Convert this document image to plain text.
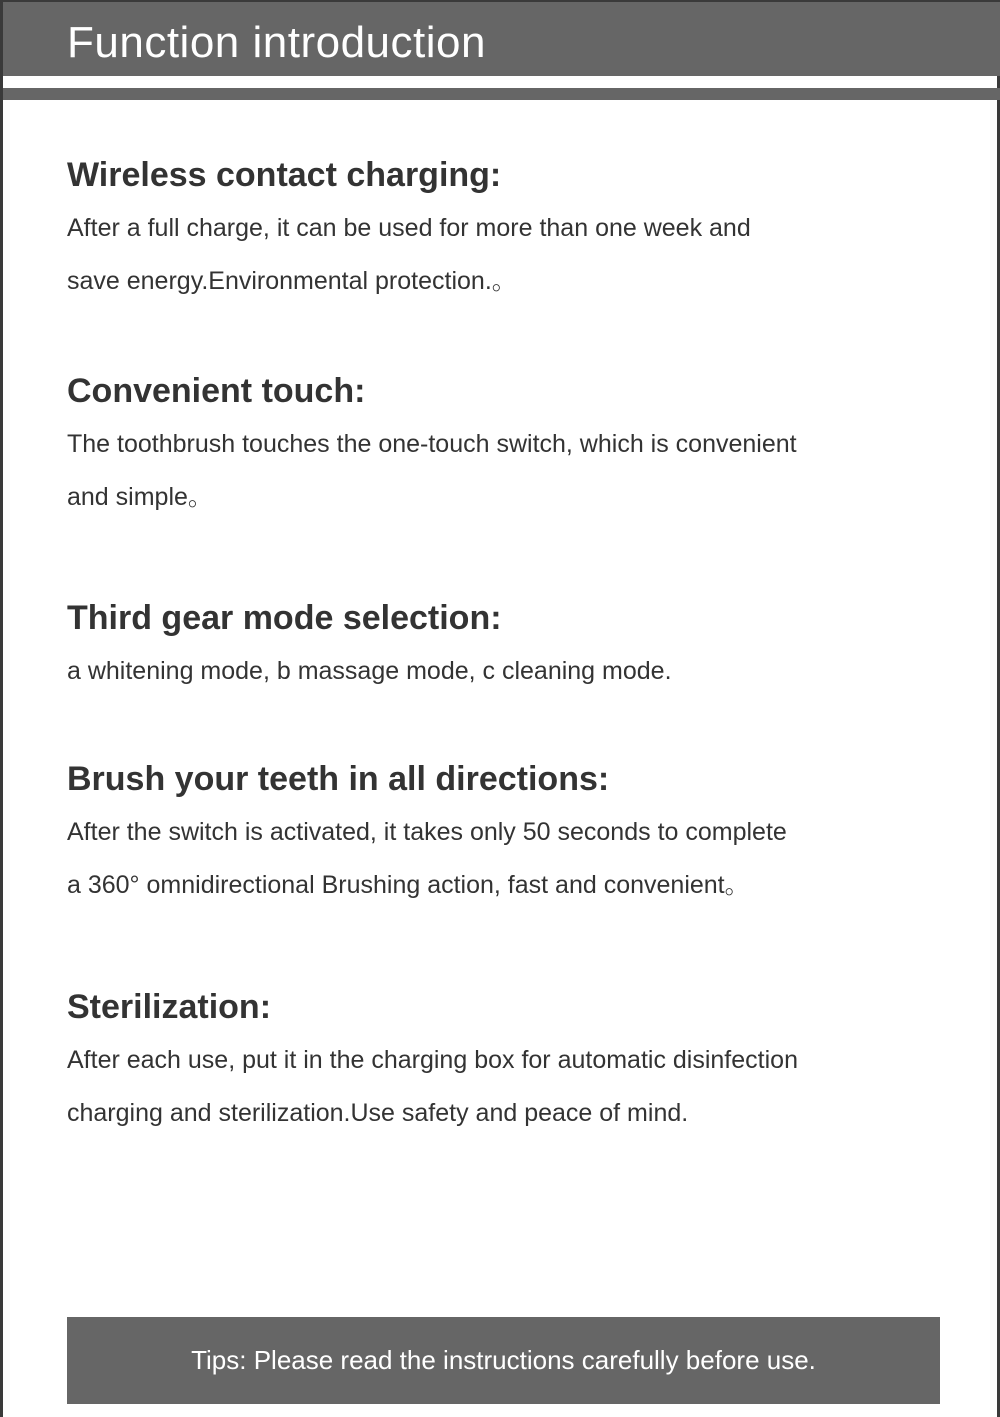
Function introduction
Wireless contact charging:

After a full charge, it can be used for more than one week and
save energy.Environmental protection.。

Convenient touch:

The toothbrush touches the one-touch switch, which is convenient
and simple。

Third gear mode selection:

a whitening mode, b massage mode, c cleaning mode.

Brush your teeth in all directions:

After the switch is activated, it takes only 50 seconds to complete
a 360° omnidirectional Brushing action, fast and convenient。

Sterilization:

After each use, put it in the charging box for automatic disinfection
charging and sterilization.Use safety and peace of mind.

Tips: Please read the instructions carefully before use.
